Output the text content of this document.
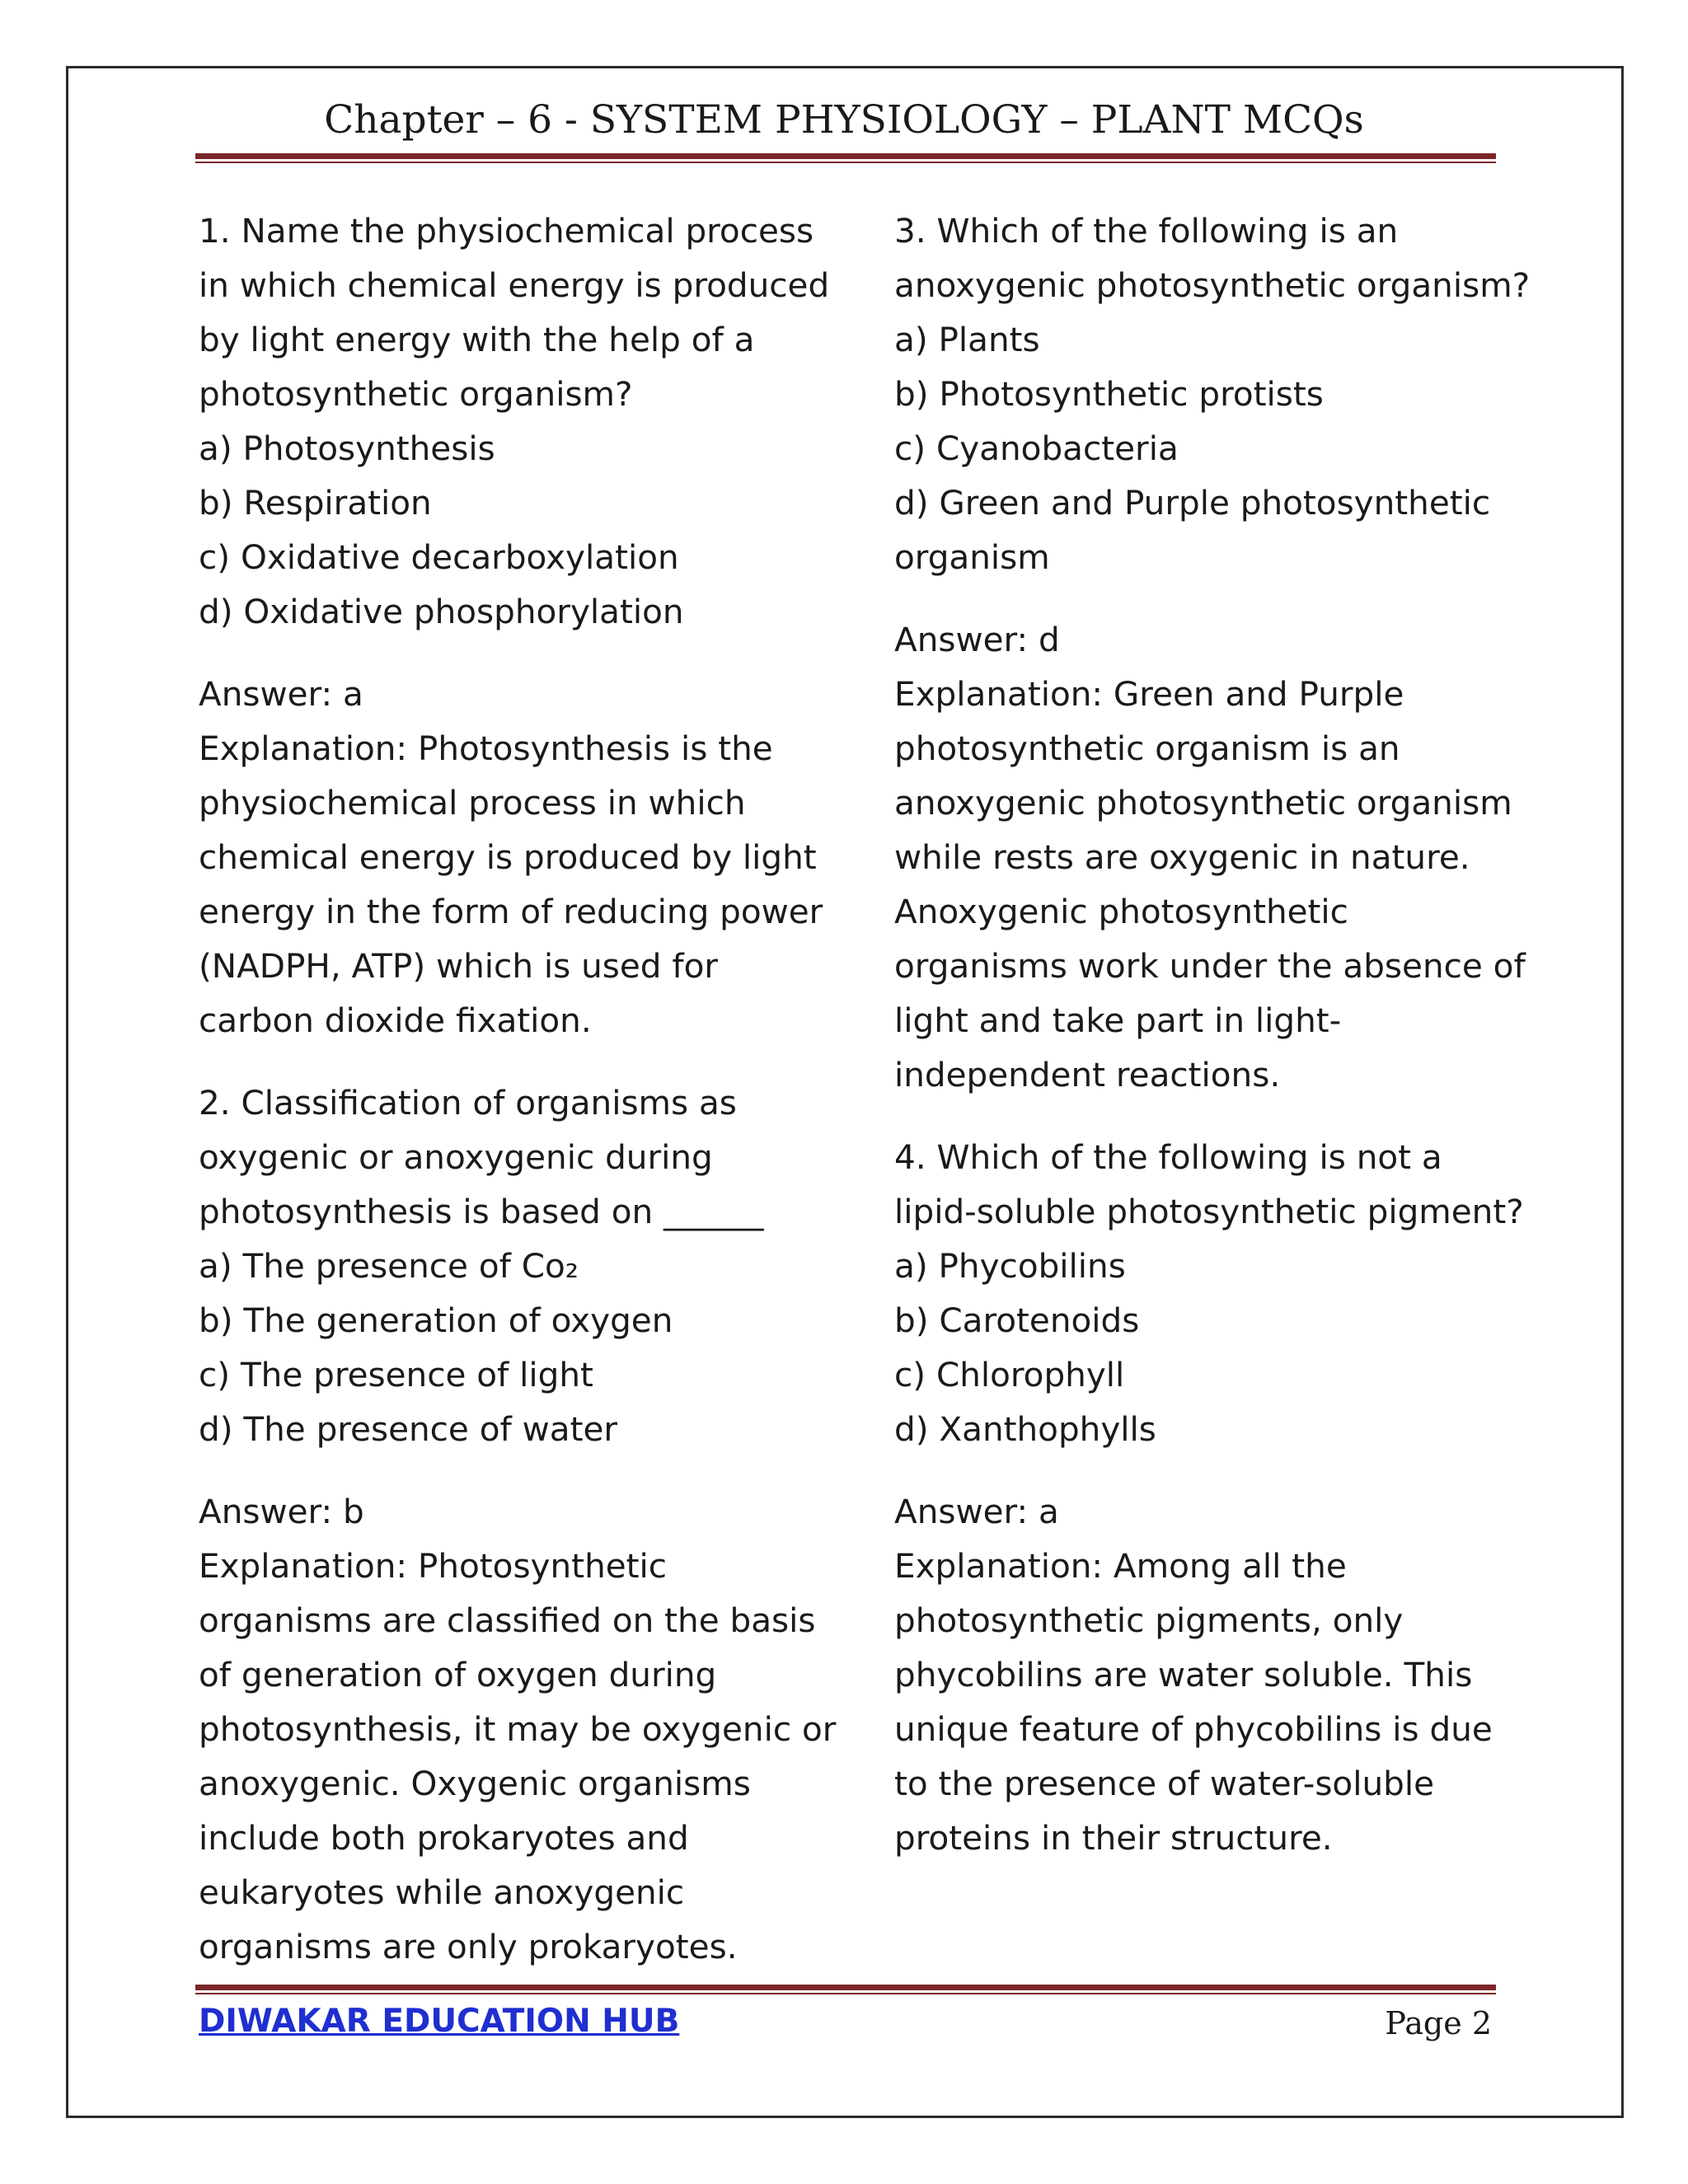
Chapter – 6 - SYSTEM PHYSIOLOGY – PLANT MCQs
1. Name the physiochemical process
in which chemical energy is produced
by light energy with the help of a
photosynthetic organism?
a) Photosynthesis
b) Respiration
c) Oxidative decarboxylation
d) Oxidative phosphorylation
Answer: a
Explanation: Photosynthesis is the
physiochemical process in which
chemical energy is produced by light
energy in the form of reducing power
(NADPH, ATP) which is used for
carbon dioxide fixation.
2. Classification of organisms as
oxygenic or anoxygenic during
photosynthesis is based on ______
a) The presence of Co₂
b) The generation of oxygen
c) The presence of light
d) The presence of water
Answer: b
Explanation: Photosynthetic
organisms are classified on the basis
of generation of oxygen during
photosynthesis, it may be oxygenic or
anoxygenic. Oxygenic organisms
include both prokaryotes and
eukaryotes while anoxygenic
organisms are only prokaryotes.
3. Which of the following is an
anoxygenic photosynthetic organism?
a) Plants
b) Photosynthetic protists
c) Cyanobacteria
d) Green and Purple photosynthetic
organism
Answer: d
Explanation: Green and Purple
photosynthetic organism is an
anoxygenic photosynthetic organism
while rests are oxygenic in nature.
Anoxygenic photosynthetic
organisms work under the absence of
light and take part in light-
independent reactions.
4. Which of the following is not a
lipid-soluble photosynthetic pigment?
a) Phycobilins
b) Carotenoids
c) Chlorophyll
d) Xanthophylls
Answer: a
Explanation: Among all the
photosynthetic pigments, only
phycobilins are water soluble. This
unique feature of phycobilins is due
to the presence of water-soluble
proteins in their structure.
DIWAKAR EDUCATION HUB	Page 2
